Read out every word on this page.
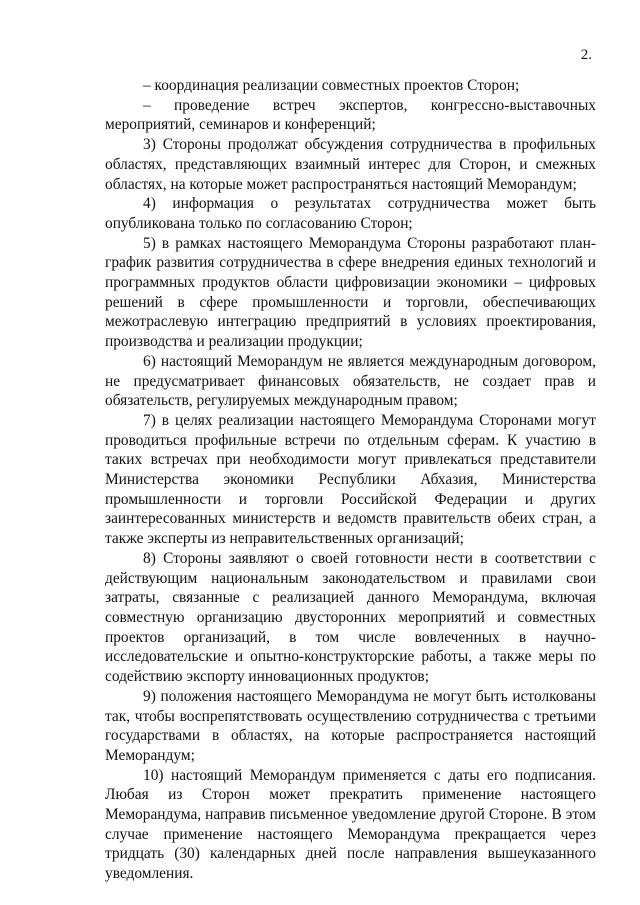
2.

– координация реализации совместных проектов Сторон;

– проведение встреч экспертов, конгрессно-выставочных мероприятий, семинаров и конференций;

3) Стороны продолжат обсуждения сотрудничества в профильных областях, представляющих взаимный интерес для Сторон, и смежных областях, на которые может распространяться настоящий Меморандум;

4) информация о результатах сотрудничества может быть опубликована только по согласованию Сторон;

5) в рамках настоящего Меморандума Стороны разработают план-график развития сотрудничества в сфере внедрения единых технологий и программных продуктов области цифровизации экономики – цифровых решений в сфере промышленности и торговли, обеспечивающих межотраслевую интеграцию предприятий в условиях проектирования, производства и реализации продукции;

6) настоящий Меморандум не является международным договором, не предусматривает финансовых обязательств, не создает прав и обязательств, регулируемых международным правом;

7) в целях реализации настоящего Меморандума Сторонами могут проводиться профильные встречи по отдельным сферам. К участию в таких встречах при необходимости могут привлекаться представители Министерства экономики Республики Абхазия, Министерства промышленности и торговли Российской Федерации и других заинтересованных министерств и ведомств правительств обеих стран, а также эксперты из неправительственных организаций;

8) Стороны заявляют о своей готовности нести в соответствии с действующим национальным законодательством и правилами свои затраты, связанные с реализацией данного Меморандума, включая совместную организацию двусторонних мероприятий и совместных проектов организаций, в том числе вовлеченных в научно-исследовательские и опытно-конструкторские работы, а также меры по содействию экспорту инновационных продуктов;

9) положения настоящего Меморандума не могут быть истолкованы так, чтобы воспрепятствовать осуществлению сотрудничества с третьими государствами в областях, на которые распространяется настоящий Меморандум;

10) настоящий Меморандум применяется с даты его подписания. Любая из Сторон может прекратить применение настоящего Меморандума, направив письменное уведомление другой Стороне. В этом случае применение настоящего Меморандума прекращается через тридцать (30) календарных дней после направления вышеуказанного уведомления.
